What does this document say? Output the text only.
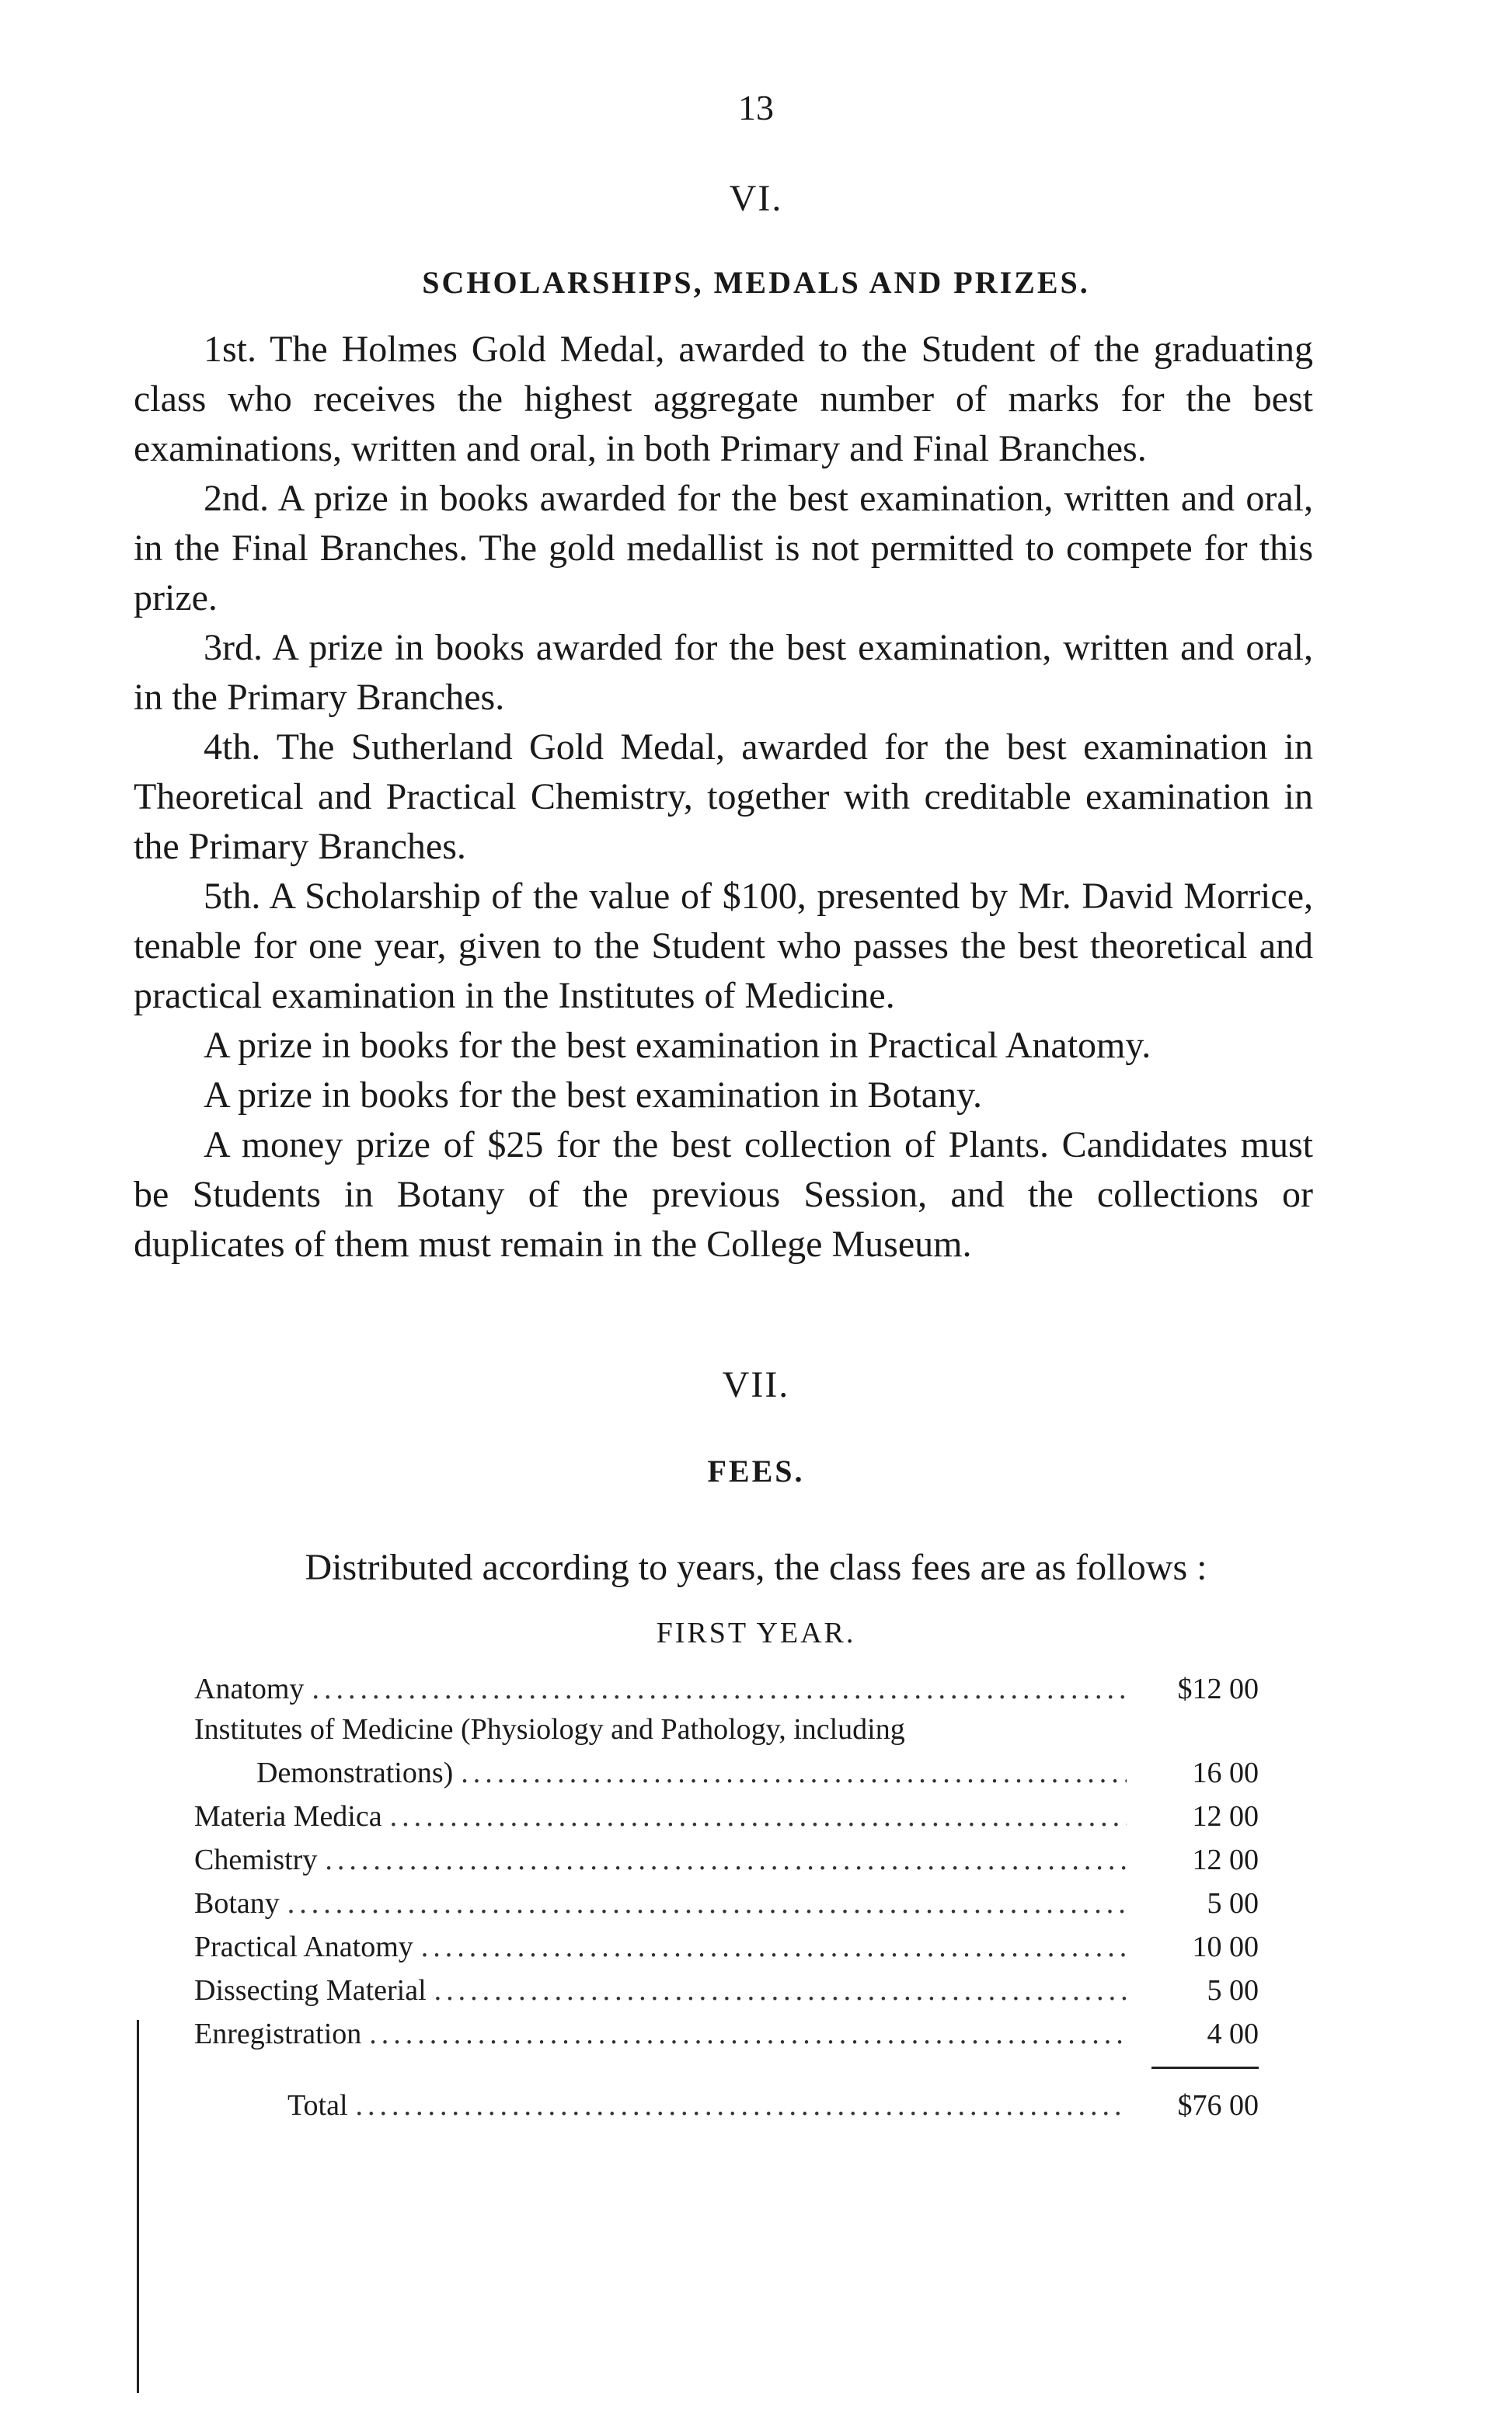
13
VI.
SCHOLARSHIPS, MEDALS AND PRIZES.

1st. The Holmes Gold Medal, awarded to the Student of the graduating class who receives the highest aggregate number of marks for the best examinations, written and oral, in both Primary and Final Branches.

2nd. A prize in books awarded for the best examination, written and oral, in the Final Branches. The gold medallist is not permitted to compete for this prize.

3rd. A prize in books awarded for the best examination, written and oral, in the Primary Branches.

4th. The Sutherland Gold Medal, awarded for the best examination in Theoretical and Practical Chemistry, together with creditable examination in the Primary Branches.

5th. A Scholarship of the value of $100, presented by Mr. David Morrice, tenable for one year, given to the Student who passes the best theoretical and practical examination in the Institutes of Medicine.

A prize in books for the best examination in Practical Anatomy.

A prize in books for the best examination in Botany.

A money prize of $25 for the best collection of Plants. Candidates must be Students in Botany of the previous Session, and the collections or duplicates of them must remain in the College Museum.

VII.
FEES.
Distributed according to years, the class fees are as follows :
FIRST YEAR.
Anatomy .....	$12 00
Institutes of Medicine (Physiology and Pathology, including
Demonstrations) .....	16 00
Materia Medica .....	12 00
Chemistry .....	12 00
Botany .....	5 00
Practical Anatomy .....	10 00
Dissecting Material .....	5 00
Enregistration .....	4 00
Total .....	$76 00
